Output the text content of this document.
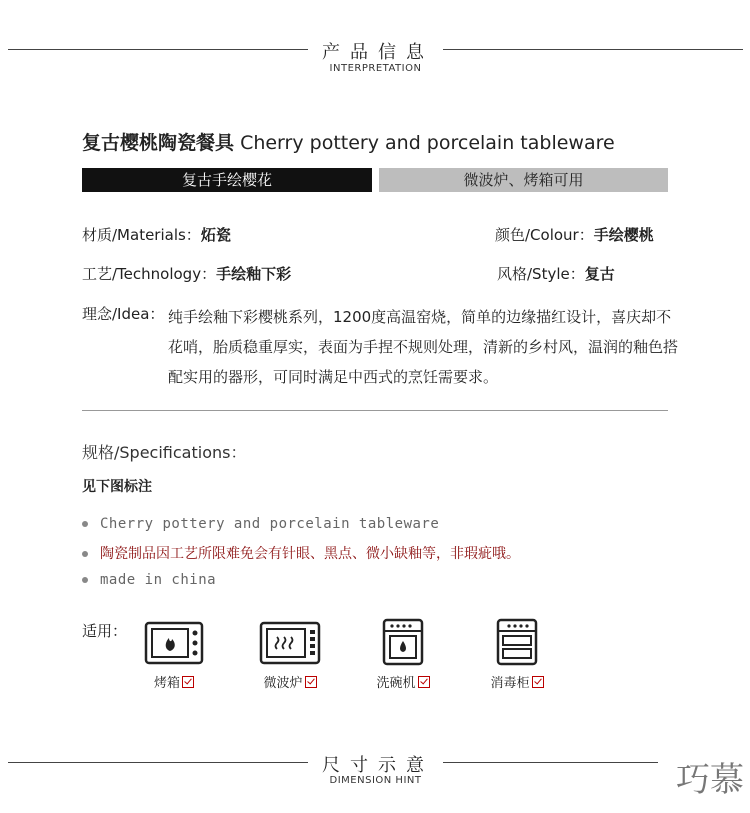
产品信息
INTERPRETATION
复古樱桃陶瓷餐具 Cherry pottery and porcelain tableware
复古手绘樱花	微波炉、烤箱可用
材质/Materials：炻瓷	颜色/Colour：手绘樱桃
工艺/Technology：手绘釉下彩	风格/Style：复古
理念/Idea： 纯手绘釉下彩樱桃系列，1200度高温窑烧，简单的边缘描红设计，喜庆却不花哨，胎质稳重厚实，表面为手捏不规则处理，清新的乡村风，温润的釉色搭配实用的器形，可同时满足中西式的烹饪需要求。
规格/Specifications：
见下图标注
Cherry pottery and porcelain tableware
陶瓷制品因工艺所限难免会有针眼、黑点、微小缺釉等，非瑕疵哦。
made in china
适用：
烤箱	微波炉	洗碗机	消毒柜
尺寸示意
DIMENSION HINT	巧慕
